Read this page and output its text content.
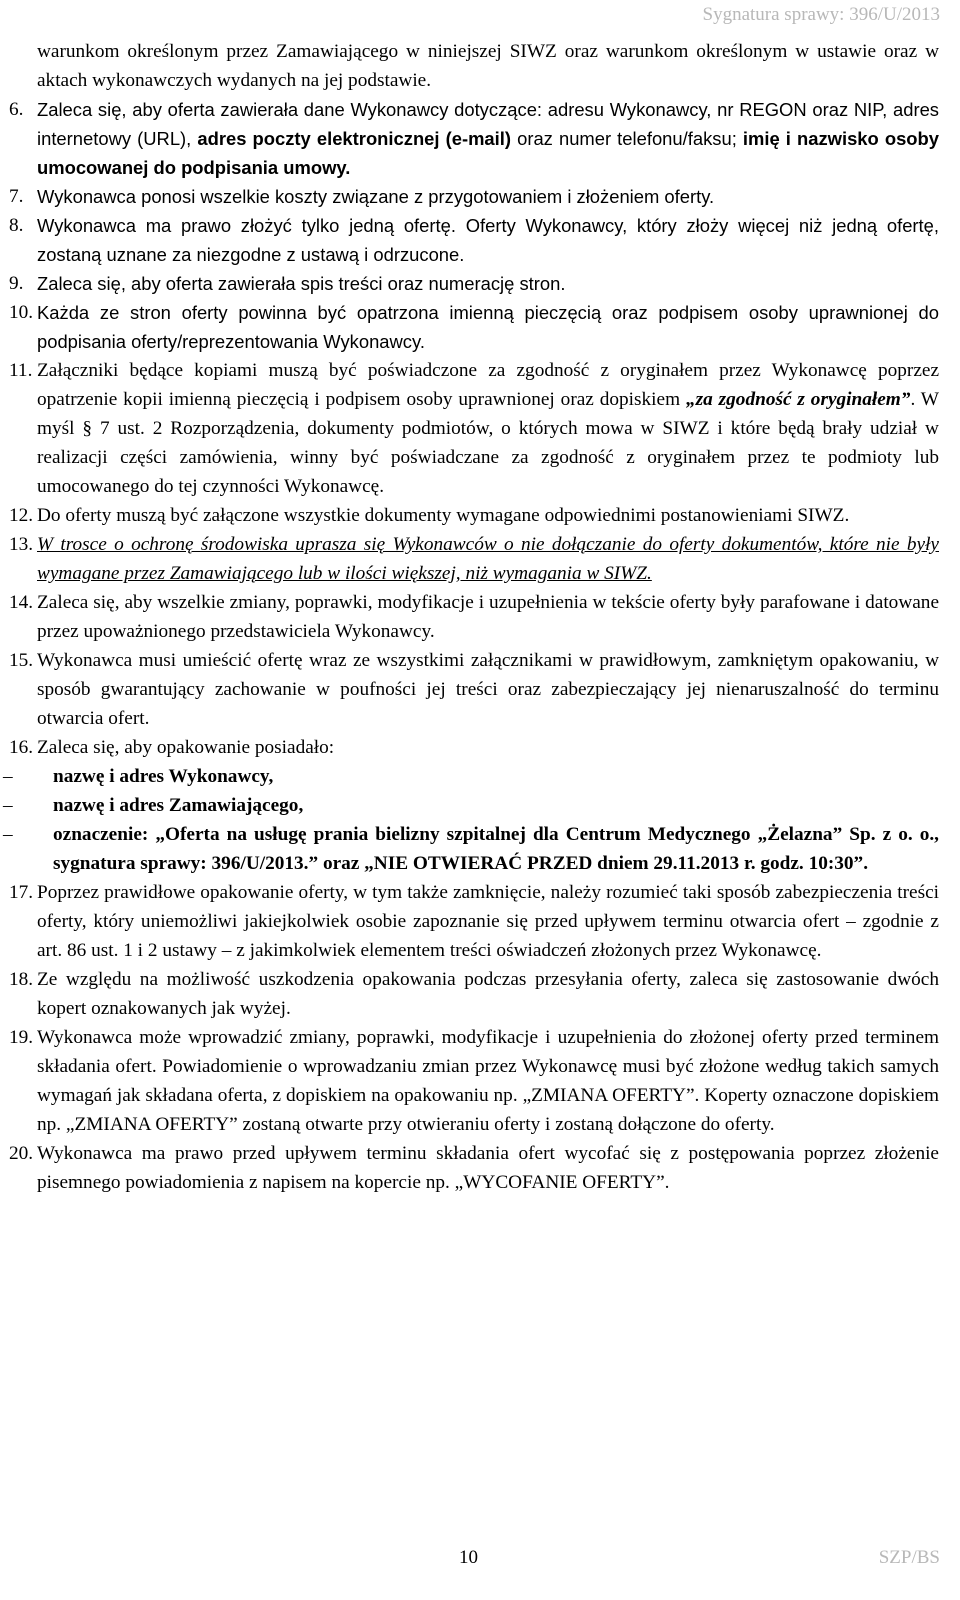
Sygnatura sprawy: 396/U/2013

warunkom określonym przez Zamawiającego w niniejszej SIWZ oraz warunkom określonym w ustawie oraz w aktach wykonawczych wydanych na jej podstawie.

6. Zaleca się, aby oferta zawierała dane Wykonawcy dotyczące: adresu Wykonawcy, nr REGON oraz NIP, adres internetowy (URL), adres poczty elektronicznej (e-mail) oraz numer telefonu/faksu; imię i nazwisko osoby umocowanej do podpisania umowy.
7. Wykonawca ponosi wszelkie koszty związane z przygotowaniem i złożeniem oferty.
8. Wykonawca ma prawo złożyć tylko jedną ofertę. Oferty Wykonawcy, który złoży więcej niż jedną ofertę, zostaną uznane za niezgodne z ustawą i odrzucone.
9. Zaleca się, aby oferta zawierała spis treści oraz numerację stron.
10. Każda ze stron oferty powinna być opatrzona imienną pieczęcią oraz podpisem osoby uprawnionej do podpisania oferty/reprezentowania Wykonawcy.
11. Załączniki będące kopiami muszą być poświadczone za zgodność z oryginałem przez Wykonawcę poprzez opatrzenie kopii imienną pieczęcią i podpisem osoby uprawnionej oraz dopiskiem „za zgodność z oryginałem”. W myśl § 7 ust. 2 Rozporządzenia, dokumenty podmiotów, o których mowa w SIWZ i które będą brały udział w realizacji części zamówienia, winny być poświadczane za zgodność z oryginałem przez te podmioty lub umocowanego do tej czynności Wykonawcę.
12. Do oferty muszą być załączone wszystkie dokumenty wymagane odpowiednimi postanowieniami SIWZ.
13. W trosce o ochronę środowiska uprasza się Wykonawców o nie dołączanie do oferty dokumentów, które nie były wymagane przez Zamawiającego lub w ilości większej, niż wymagania w SIWZ.
14. Zaleca się, aby wszelkie zmiany, poprawki, modyfikacje i uzupełnienia w tekście oferty były parafowane i datowane przez upoważnionego przedstawiciela Wykonawcy.
15. Wykonawca musi umieścić ofertę wraz ze wszystkimi załącznikami w prawidłowym, zamkniętym opakowaniu, w sposób gwarantujący zachowanie w poufności jej treści oraz zabezpieczający jej nienaruszalność do terminu otwarcia ofert.
16. Zaleca się, aby opakowanie posiadało:
–	nazwę i adres Wykonawcy,
–	nazwę i adres Zamawiającego,
–	oznaczenie: „Oferta na usługę prania bielizny szpitalnej dla Centrum Medycznego „Żelazna” Sp. z o. o., sygnatura sprawy: 396/U/2013.” oraz „NIE OTWIERAĆ PRZED dniem 29.11.2013 r. godz. 10:30”.
17. Poprzez prawidłowe opakowanie oferty, w tym także zamknięcie, należy rozumieć taki sposób zabezpieczenia treści oferty, który uniemożliwi jakiejkolwiek osobie zapoznanie się przed upływem terminu otwarcia ofert – zgodnie z art. 86 ust. 1 i 2 ustawy – z jakimkolwiek elementem treści oświadczeń złożonych przez Wykonawcę.
18. Ze względu na możliwość uszkodzenia opakowania podczas przesyłania oferty, zaleca się zastosowanie dwóch kopert oznakowanych jak wyżej.
19. Wykonawca może wprowadzić zmiany, poprawki, modyfikacje i uzupełnienia do złożonej oferty przed terminem składania ofert. Powiadomienie o wprowadzaniu zmian przez Wykonawcę musi być złożone według takich samych wymagań jak składana oferta, z dopiskiem na opakowaniu np. „ZMIANA OFERTY”. Koperty oznaczone dopiskiem np. „ZMIANA OFERTY” zostaną otwarte przy otwieraniu oferty i zostaną dołączone do oferty.
20. Wykonawca ma prawo przed upływem terminu składania ofert wycofać się z postępowania poprzez złożenie pisemnego powiadomienia z napisem na kopercie np. „WYCOFANIE OFERTY”.
10	SZP/BS
